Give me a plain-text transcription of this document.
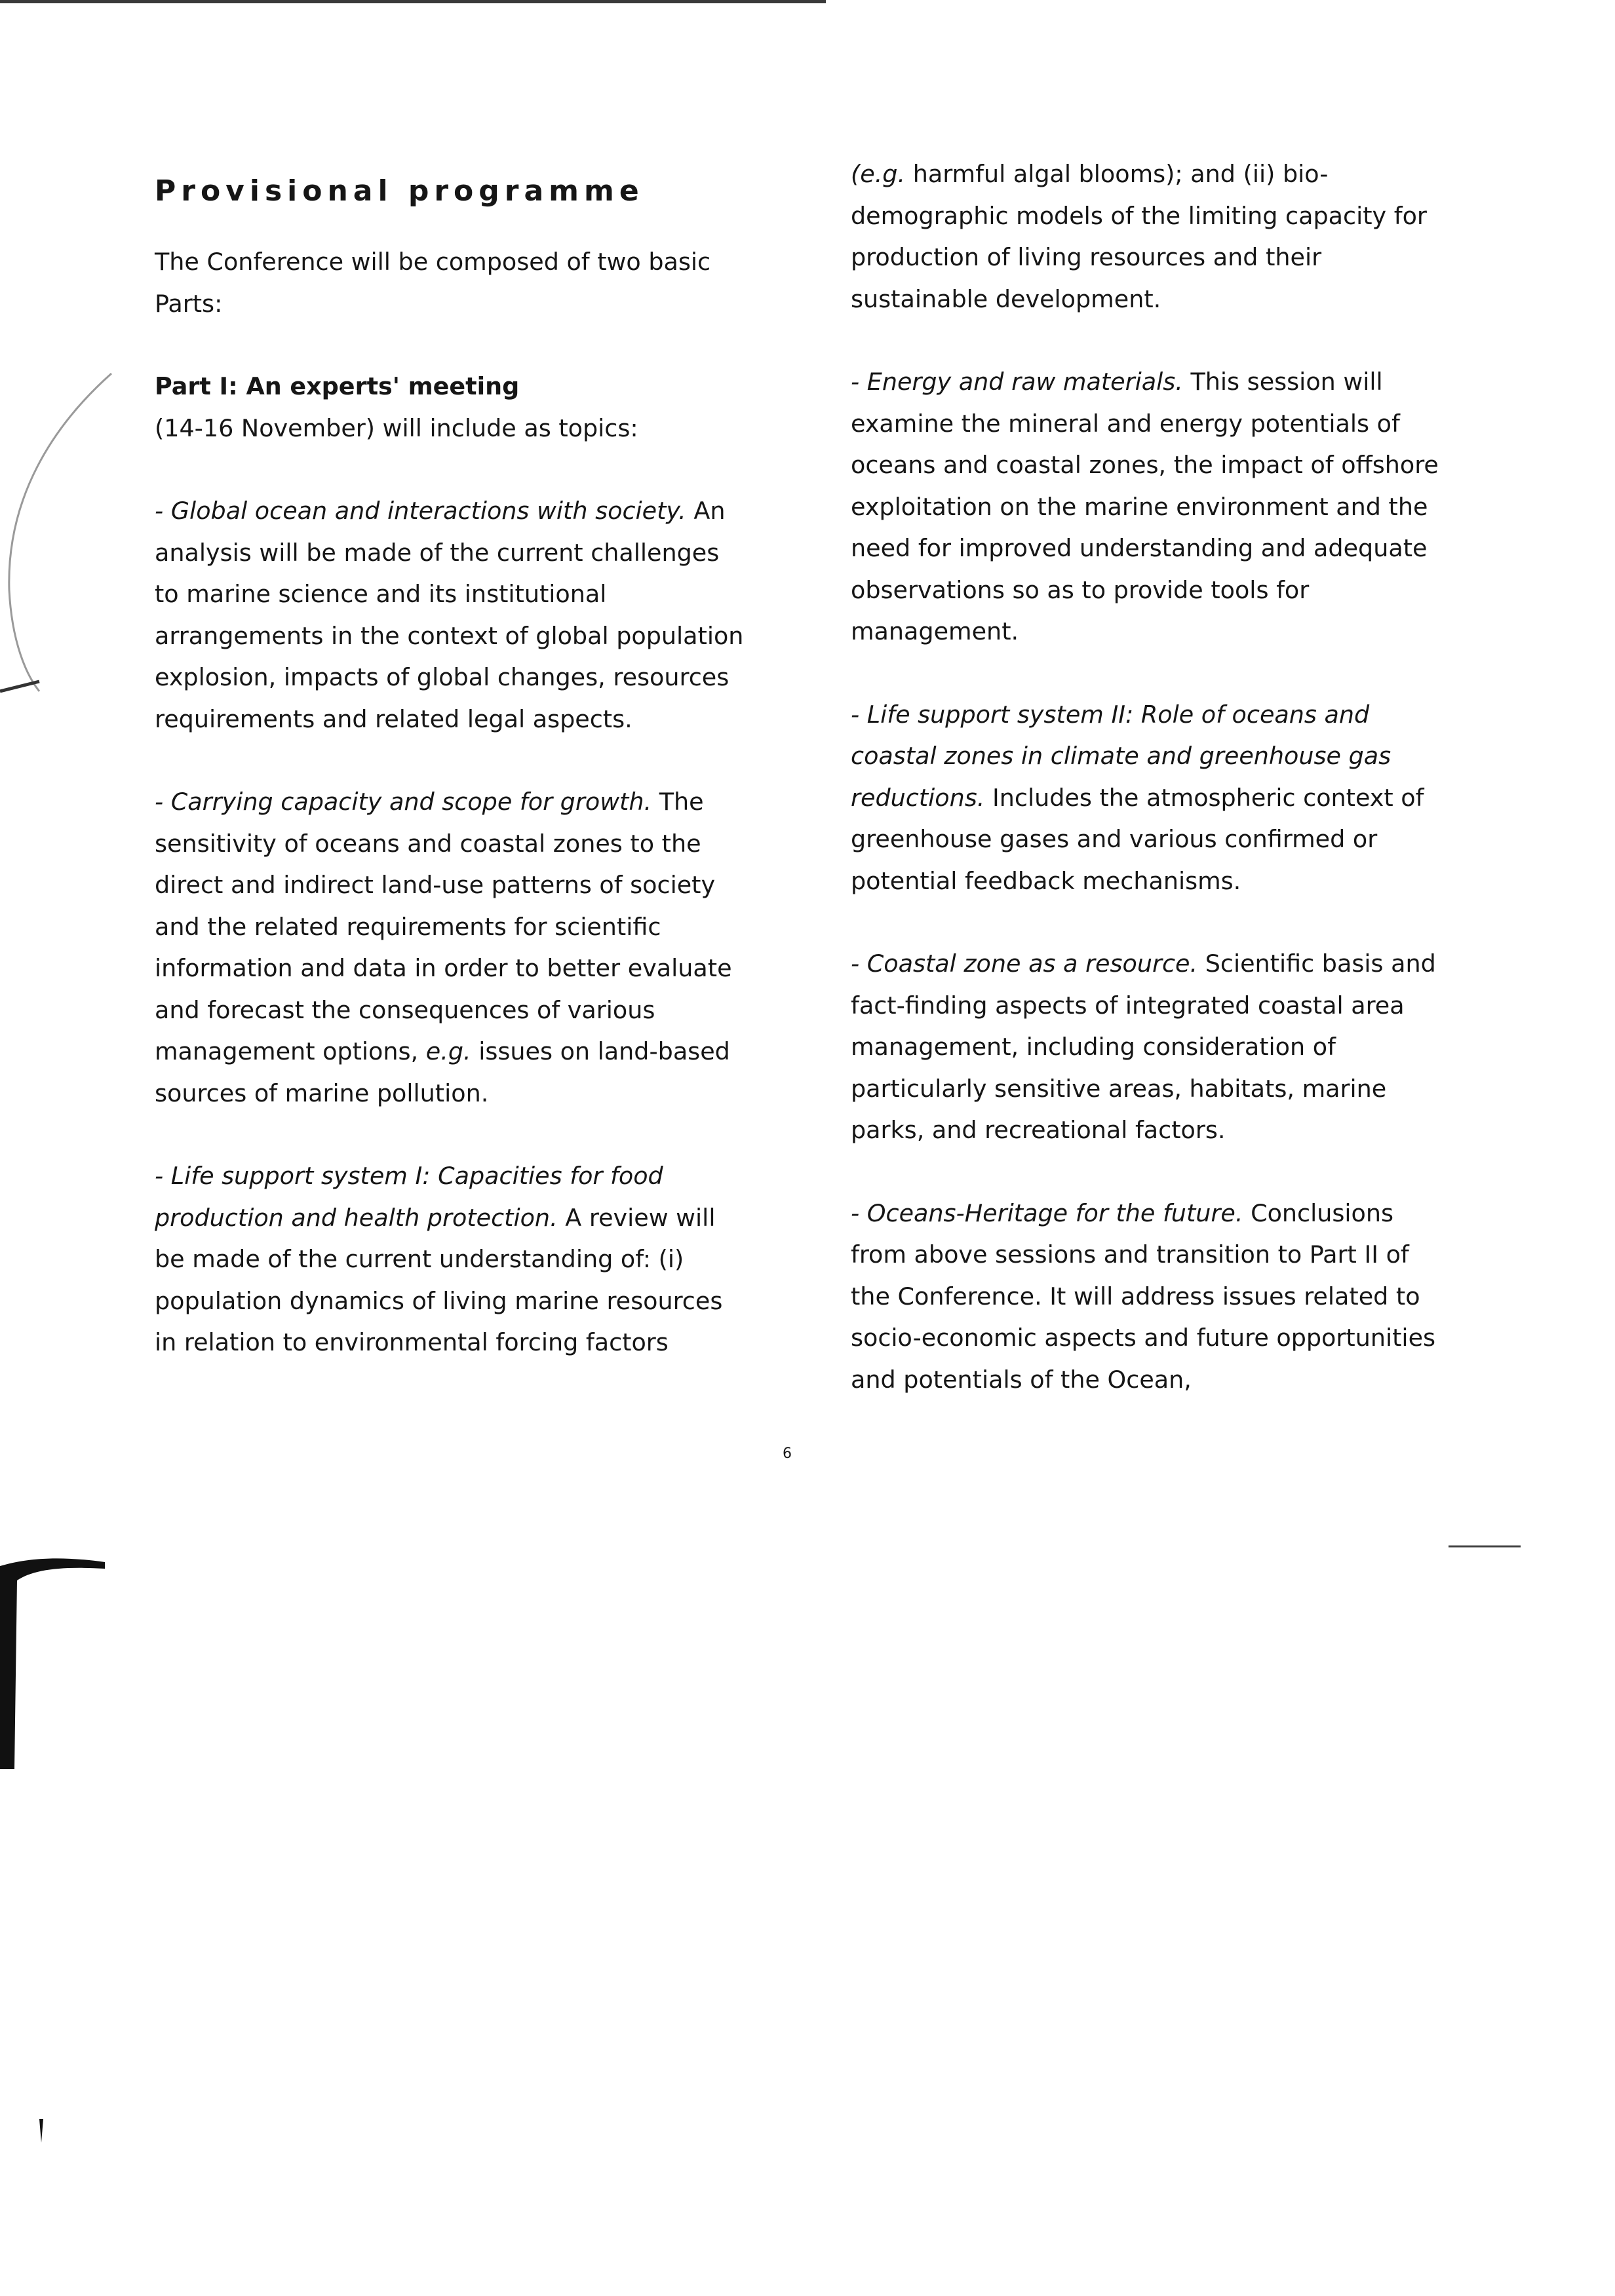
Provisional programme

The Conference will be composed of two basic Parts:

Part I: An experts' meeting

(14-16 November) will include as topics:

- Global ocean and interactions with society. An analysis will be made of the current challenges to marine science and its institutional arrangements in the context of global population explosion, impacts of global changes, resources requirements and related legal aspects.

- Carrying capacity and scope for growth. The sensitivity of oceans and coastal zones to the direct and indirect land-use patterns of society and the related requirements for scientific information and data in order to better evaluate and forecast the consequences of various management options, e.g. issues on land-based sources of marine pollution.

- Life support system I: Capacities for food production and health protection. A review will be made of the current understanding of: (i) population dynamics of living marine resources in relation to environmental forcing factors

(e.g. harmful algal blooms); and (ii) bio-demographic models of the limiting capacity for production of living resources and their sustainable development.

- Energy and raw materials. This session will examine the mineral and energy potentials of oceans and coastal zones, the impact of offshore exploitation on the marine environment and the need for improved understanding and adequate observations so as to provide tools for management.

- Life support system II: Role of oceans and coastal zones in climate and greenhouse gas reductions. Includes the atmospheric context of greenhouse gases and various confirmed or potential feedback mechanisms.

- Coastal zone as a resource. Scientific basis and fact-finding aspects of integrated coastal area management, including consideration of particularly sensitive areas, habitats, marine parks, and recreational factors.

- Oceans-Heritage for the future. Conclusions from above sessions and transition to Part II of the Conference. It will address issues related to socio-economic aspects and future opportunities and potentials of the Ocean,

6
